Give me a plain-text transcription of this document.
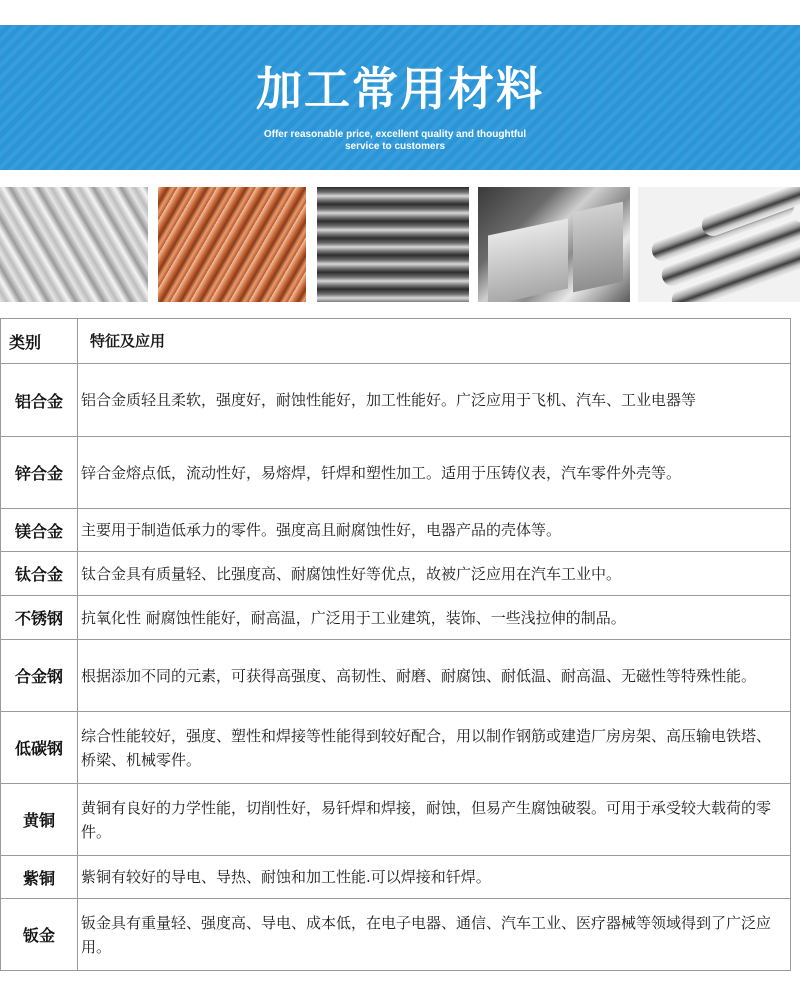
加工常用材料
Offer reasonable price, excellent quality and thoughtful
service to customers
类别	特征及应用
铝合金	铝合金质轻且柔软，强度好，耐蚀性能好，加工性能好。广泛应用于飞机、汽车、工业电器等
锌合金	锌合金熔点低，流动性好，易熔焊，钎焊和塑性加工。适用于压铸仪表，汽车零件外壳等。
镁合金	主要用于制造低承力的零件。强度高且耐腐蚀性好，电器产品的壳体等。
钛合金	钛合金具有质量轻、比强度高、耐腐蚀性好等优点，故被广泛应用在汽车工业中。
不锈钢	抗氧化性 耐腐蚀性能好，耐高温，广泛用于工业建筑，装饰、一些浅拉伸的制品。
合金钢	根据添加不同的元素，可获得高强度、高韧性、耐磨、耐腐蚀、耐低温、耐高温、无磁性等特殊性能。
低碳钢	综合性能较好，强度、塑性和焊接等性能得到较好配合，用以制作钢筋或建造厂房房架、高压输电铁塔、桥梁、机械零件。
黄铜	黄铜有良好的力学性能，切削性好，易钎焊和焊接，耐蚀，但易产生腐蚀破裂。可用于承受较大载荷的零件。
紫铜	紫铜有较好的导电、导热、耐蚀和加工性能.可以焊接和钎焊。
钣金	钣金具有重量轻、强度高、导电、成本低，在电子电器、通信、汽车工业、医疗器械等领域得到了广泛应用。
